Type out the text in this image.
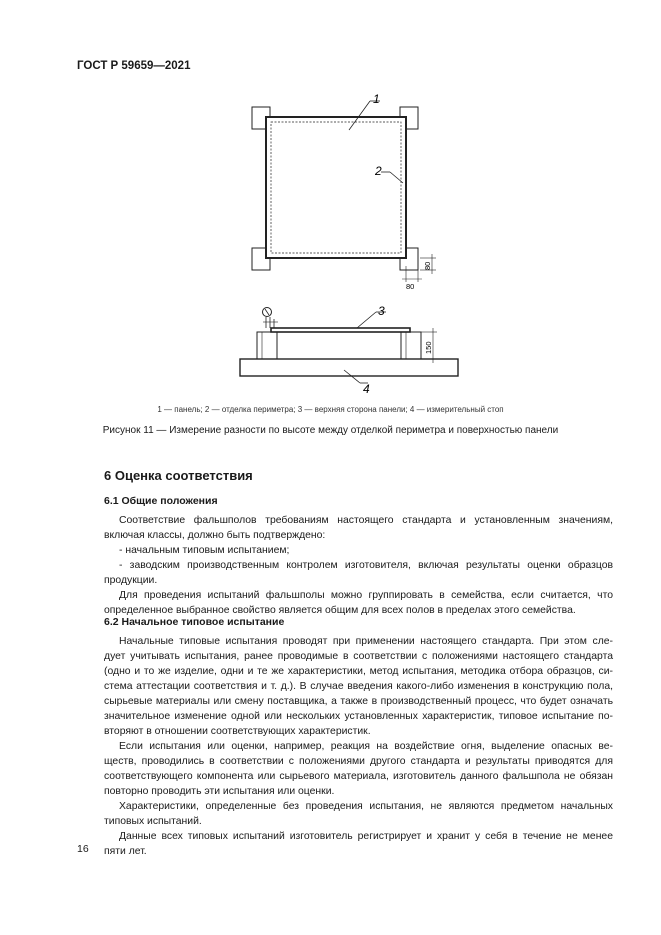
ГОСТ Р 59659—2021
1
2
80
80
3
4
150
1 — панель; 2 — отделка периметра; 3 — верхняя сторона панели; 4 — измерительный стоп
Рисунок 11 — Измерение разности по высоте между отделкой периметра и поверхностью панели
6 Оценка соответствия
6.1 Общие положения

Соответствие фальшполов требованиям настоящего стандарта и установленным значениям,

включая классы, должно быть подтверждено:

- начальным типовым испытанием;

- заводским производственным контролем изготовителя, включая результаты оценки образцов

продукции.

Для проведения испытаний фальшполы можно группировать в семейства, если считается, что

определенное выбранное свойство является общим для всех полов в пределах этого семейства.

6.2 Начальное типовое испытание

Начальные типовые испытания проводят при применении настоящего стандарта. При этом сле-

дует учитывать испытания, ранее проводимые в соответствии с положениями настоящего стандарта

(одно и то же изделие, одни и те же характеристики, метод испытания, методика отбора образцов, си-

стема аттестации соответствия и т. д.). В случае введения какого-либо изменения в конструкцию пола,

сырьевые материалы или смену поставщика, а также в производственный процесс, что будет означать

значительное изменение одной или нескольких установленных характеристик, типовое испытание по-

вторяют в отношении соответствующих характеристик.

Если испытания или оценки, например, реакция на воздействие огня, выделение опасных ве-

ществ, проводились в соответствии с положениями другого стандарта и результаты приводятся для

соответствующего компонента или сырьевого материала, изготовитель данного фальшпола не обязан

повторно проводить эти испытания или оценки.

Характеристики, определенные без проведения испытания, не являются предметом начальных

типовых испытаний.

Данные всех типовых испытаний изготовитель регистрирует и хранит у себя в течение не менее

пяти лет.

16
